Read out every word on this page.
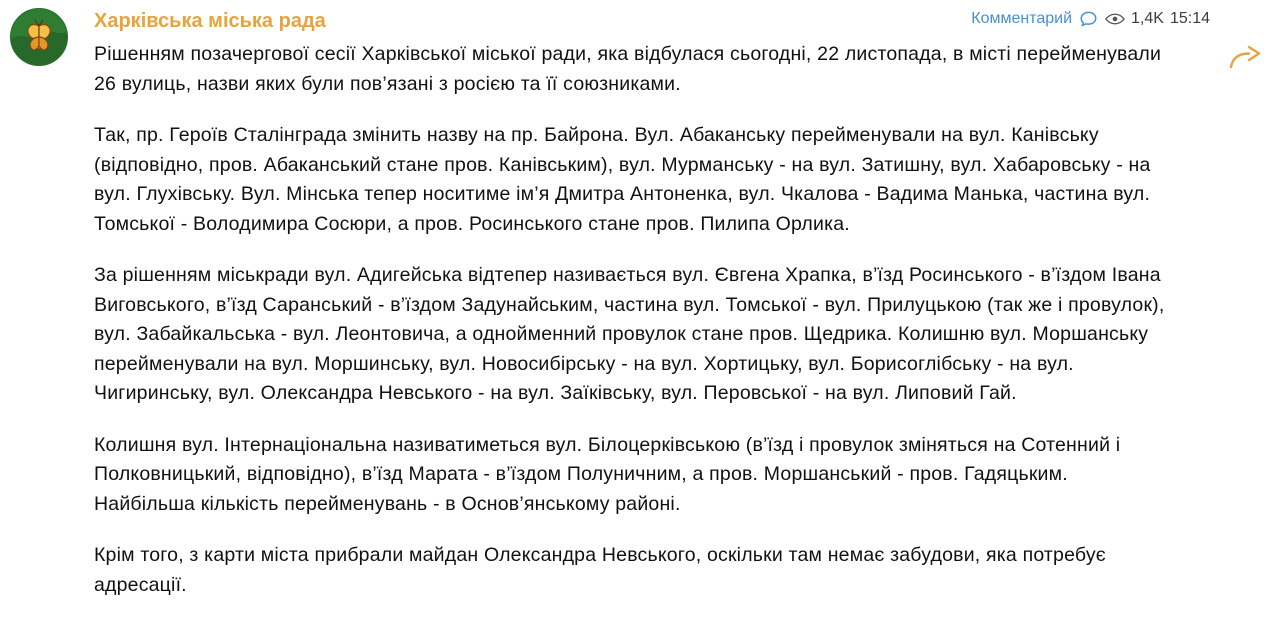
Харківська міська рада	Комментарий	1,4K 15:14

Рішенням позачергової сесії Харківської міської ради, яка відбулася сьогодні, 22 листопада, в місті перейменували 26 вулиць, назви яких були пов’язані з росією та її союзниками.

Так, пр. Героїв Сталінграда змінить назву на пр. Байрона. Вул. Абаканську перейменували на вул. Канівську (відповідно, пров. Абаканський стане пров. Канівським), вул. Мурманську - на вул. Затишну, вул. Хабаровську - на вул. Глухівську. Вул. Мінська тепер носитиме ім’я Дмитра Антоненка, вул. Чкалова - Вадима Манька, частина вул. Томської - Володимира Сосюри, а пров. Росинського стане пров. Пилипа Орлика.

За рішенням міськради вул. Адигейська відтепер називається вул. Євгена Храпка, в’їзд Росинського - в’їздом Івана Виговського, в’їзд Саранський - в’їздом Задунайським, частина вул. Томської - вул. Прилуцькою (так же і провулок), вул. Забайкальська - вул. Леонтовича, а однойменний провулок стане пров. Щедрика. Колишню вул. Моршанську перейменували на вул. Моршинську, вул. Новосибірську - на вул. Хортицьку, вул. Борисоглібську - на вул. Чигиринську, вул. Олександра Невського - на вул. Заїківську, вул. Перовської - на вул. Липовий Гай.

Колишня вул. Інтернаціональна називатиметься вул. Білоцерківською (в’їзд і провулок зміняться на Сотенний і Полковницький, відповідно), в’їзд Марата - в’їздом Полуничним, а пров. Моршанський - пров. Гадяцьким. Найбільша кількість перейменувань - в Основ’янському районі.

Крім того, з карти міста прибрали майдан Олександра Невського, оскільки там немає забудови, яка потребує адресації.
